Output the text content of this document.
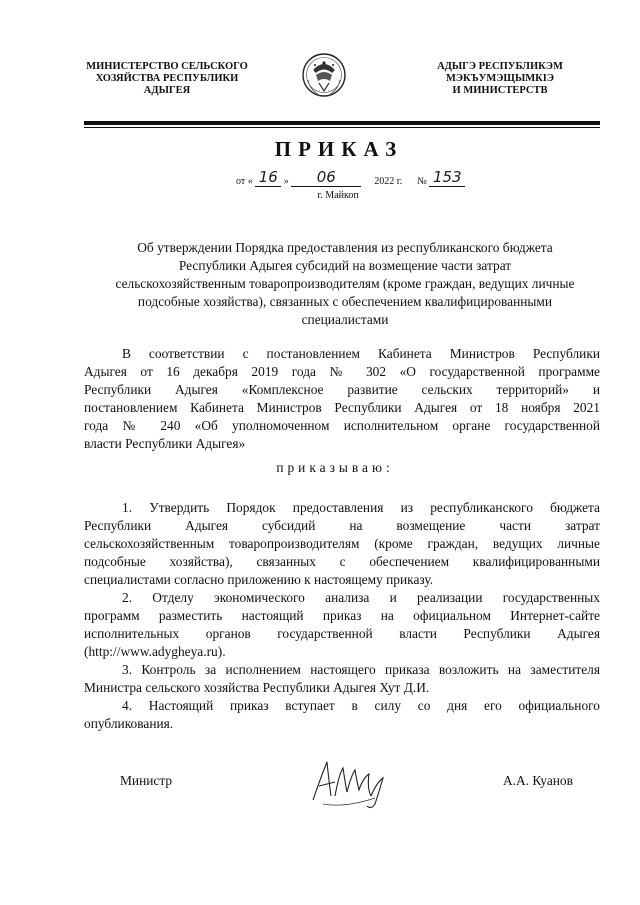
МИНИСТЕРСТВО СЕЛЬСКОГО
ХОЗЯЙСТВА РЕСПУБЛИКИ
АДЫГЕЯ
АДЫГЭ РЕСПУБЛИКЭМ
МЭКЪУМЭЩЫМКIЭ
И МИНИСТЕРСТВ
ПРИКАЗ
от « 16 » 06	2022 г. № 153
г. Майкоп
Об утверждении Порядка предоставления из республиканского бюджета
Республики Адыгея субсидий на возмещение части затрат
сельскохозяйственным товаропроизводителям (кроме граждан, ведущих личные
подсобные хозяйства), связанных с обеспечением квалифицированными
специалистами
В соответствии с постановлением Кабинета Министров Республики
Адыгея от 16 декабря 2019 года № 302 «О государственной программе
Республики Адыгея «Комплексное развитие сельских территорий» и
постановлением Кабинета Министров Республики Адыгея от 18 ноября 2021
года № 240 «Об уполномоченном исполнительном органе государственной
власти Республики Адыгея»
приказываю:
1. Утвердить Порядок предоставления из республиканского бюджета
Республики Адыгея субсидий на возмещение части затрат
сельскохозяйственным товаропроизводителям (кроме граждан, ведущих личные
подсобные хозяйства), связанных с обеспечением квалифицированными
специалистами согласно приложению к настоящему приказу.
2. Отделу экономического анализа и реализации государственных
программ разместить настоящий приказ на официальном Интернет-сайте
исполнительных органов государственной власти Республики Адыгея
(http://www.adygheya.ru).
3. Контроль за исполнением настоящего приказа возложить на заместителя
Министра сельского хозяйства Республики Адыгея Хут Д.И.
4. Настоящий приказ вступает в силу со дня его официального
опубликования.
Министр	А.А. Куанов
